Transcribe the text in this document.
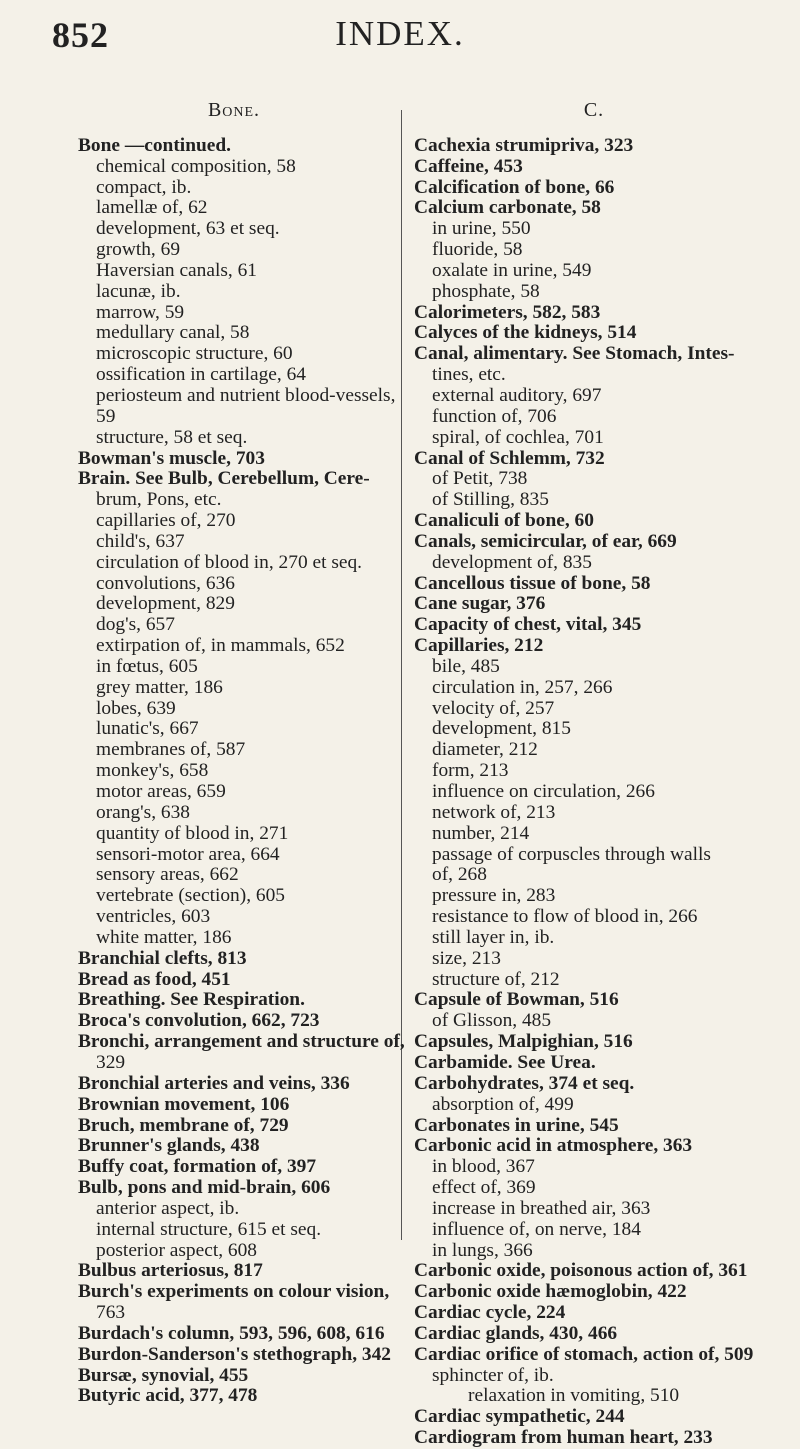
852	INDEX.
Bone.
Bone —continued.
chemical composition, 58
compact, ib.
lamellæ of, 62
development, 63 et seq.
growth, 69
Haversian canals, 61
lacunæ, ib.
marrow, 59
medullary canal, 58
microscopic structure, 60
ossification in cartilage, 64
periosteum and nutrient blood-vessels,
59
structure, 58 et seq.
Bowman's muscle, 703
Brain. See Bulb, Cerebellum, Cere-
brum, Pons, etc.
capillaries of, 270
child's, 637
circulation of blood in, 270 et seq.
convolutions, 636
development, 829
dog's, 657
extirpation of, in mammals, 652
in fœtus, 605
grey matter, 186
lobes, 639
lunatic's, 667
membranes of, 587
monkey's, 658
motor areas, 659
orang's, 638
quantity of blood in, 271
sensori-motor area, 664
sensory areas, 662
vertebrate (section), 605
ventricles, 603
white matter, 186
Branchial clefts, 813
Bread as food, 451
Breathing. See Respiration.
Broca's convolution, 662, 723
Bronchi, arrangement and structure of,
329
Bronchial arteries and veins, 336
Brownian movement, 106
Bruch, membrane of, 729
Brunner's glands, 438
Buffy coat, formation of, 397
Bulb, pons and mid-brain, 606
anterior aspect, ib.
internal structure, 615 et seq.
posterior aspect, 608
Bulbus arteriosus, 817
Burch's experiments on colour vision,
763
Burdach's column, 593, 596, 608, 616
Burdon-Sanderson's stethograph, 342
Bursæ, synovial, 455
Butyric acid, 377, 478
C.
Cachexia strumipriva, 323
Caffeine, 453
Calcification of bone, 66
Calcium carbonate, 58
in urine, 550
fluoride, 58
oxalate in urine, 549
phosphate, 58
Calorimeters, 582, 583
Calyces of the kidneys, 514
Canal, alimentary. See Stomach, Intes-
tines, etc.
external auditory, 697
function of, 706
spiral, of cochlea, 701
Canal of Schlemm, 732
of Petit, 738
of Stilling, 835
Canaliculi of bone, 60
Canals, semicircular, of ear, 669
development of, 835
Cancellous tissue of bone, 58
Cane sugar, 376
Capacity of chest, vital, 345
Capillaries, 212
bile, 485
circulation in, 257, 266
velocity of, 257
development, 815
diameter, 212
form, 213
influence on circulation, 266
network of, 213
number, 214
passage of corpuscles through walls
of, 268
pressure in, 283
resistance to flow of blood in, 266
still layer in, ib.
size, 213
structure of, 212
Capsule of Bowman, 516
of Glisson, 485
Capsules, Malpighian, 516
Carbamide. See Urea.
Carbohydrates, 374 et seq.
absorption of, 499
Carbonates in urine, 545
Carbonic acid in atmosphere, 363
in blood, 367
effect of, 369
increase in breathed air, 363
influence of, on nerve, 184
in lungs, 366
Carbonic oxide, poisonous action of, 361
Carbonic oxide hæmoglobin, 422
Cardiac cycle, 224
Cardiac glands, 430, 466
Cardiac orifice of stomach, action of, 509
sphincter of, ib.
relaxation in vomiting, 510
Cardiac sympathetic, 244
Cardiogram from human heart, 233
